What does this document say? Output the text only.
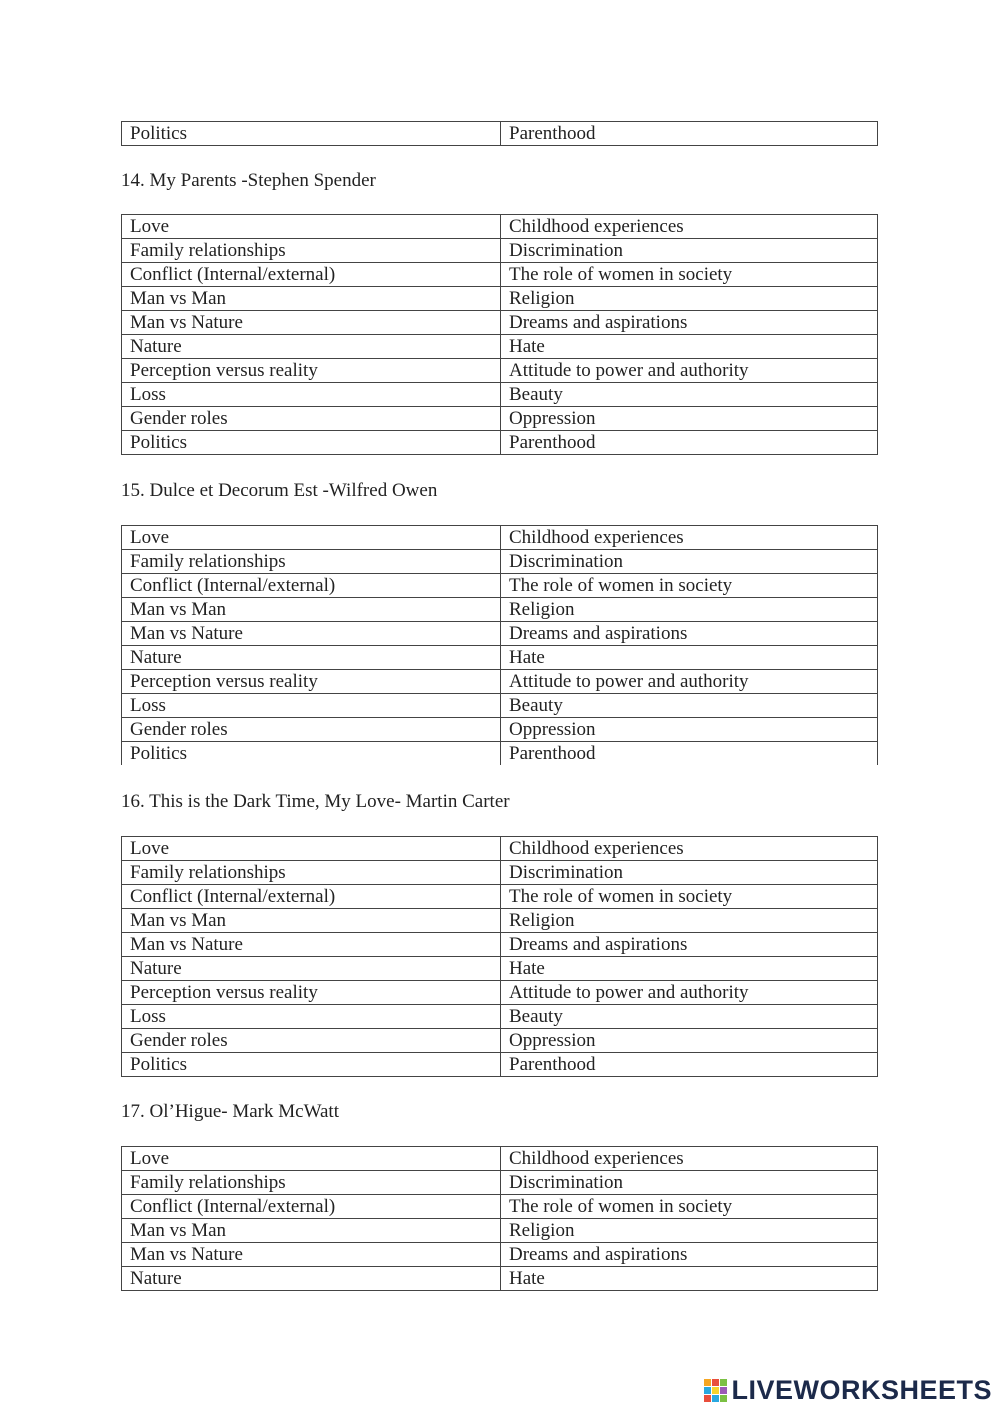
Politics	Parenthood
14. My Parents -Stephen Spender
Love	Childhood experiences
Family relationships	Discrimination
Conflict (Internal/external)	The role of women in society
Man vs Man	Religion
Man vs Nature	Dreams and aspirations
Nature	Hate
Perception versus reality	Attitude to power and authority
Loss	Beauty
Gender roles	Oppression
Politics	Parenthood
15. Dulce et Decorum Est -Wilfred Owen
Love	Childhood experiences
Family relationships	Discrimination
Conflict (Internal/external)	The role of women in society
Man vs Man	Religion
Man vs Nature	Dreams and aspirations
Nature	Hate
Perception versus reality	Attitude to power and authority
Loss	Beauty
Gender roles	Oppression
Politics	Parenthood
16. This is the Dark Time, My Love- Martin Carter
Love	Childhood experiences
Family relationships	Discrimination
Conflict (Internal/external)	The role of women in society
Man vs Man	Religion
Man vs Nature	Dreams and aspirations
Nature	Hate
Perception versus reality	Attitude to power and authority
Loss	Beauty
Gender roles	Oppression
Politics	Parenthood
17. Ol’Higue- Mark McWatt
Love	Childhood experiences
Family relationships	Discrimination
Conflict (Internal/external)	The role of women in society
Man vs Man	Religion
Man vs Nature	Dreams and aspirations
Nature	Hate
LIVEWORKSHEETS
